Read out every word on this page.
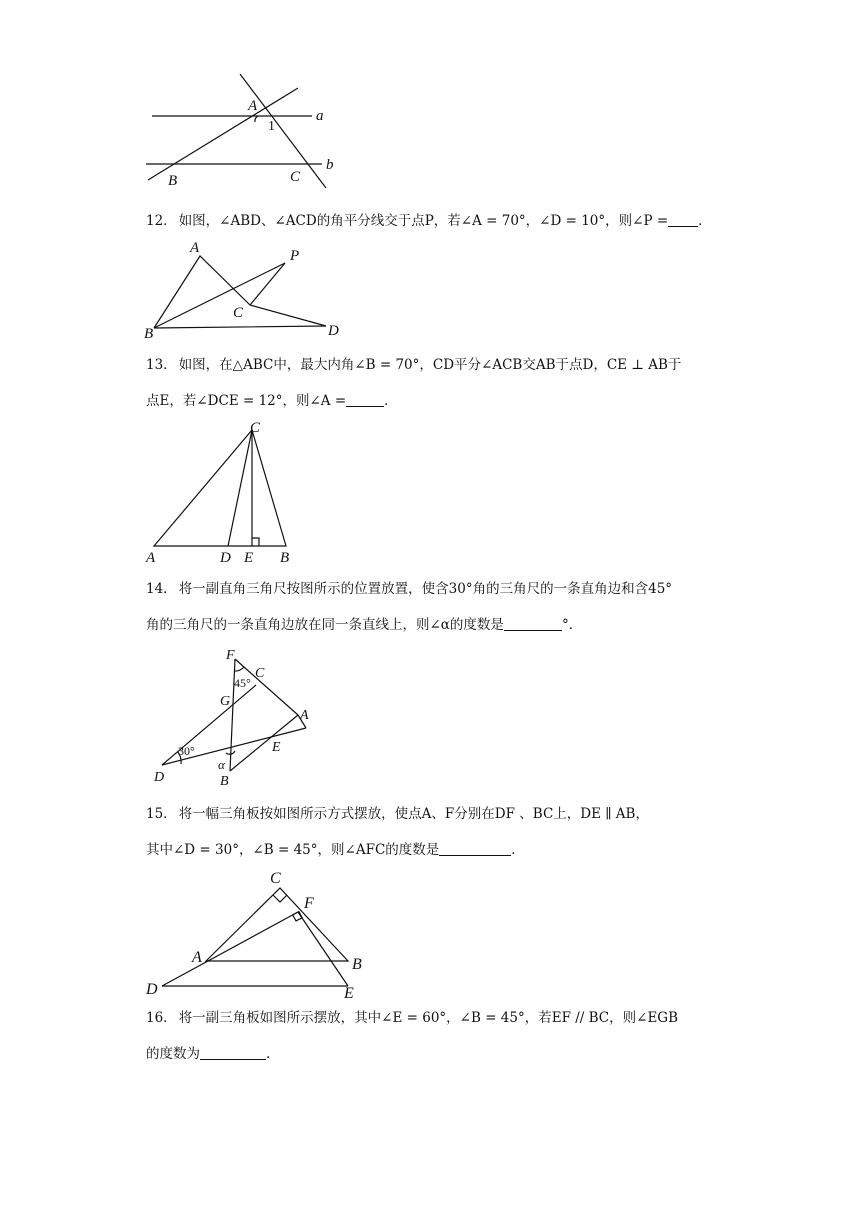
a
b
A
B	C
1
12． 如图，∠ABD、∠ACD的角平分线交于点P，若∠A = 70°，∠D = 10°，则∠P = ．
A	P
B
C
D
13． 如图，在△ABC中，最大内角∠B = 70°，CD平分∠ACB交AB于点D，CE ⊥ AB于
点E，若∠DCE = 12°，则∠A =	．
C
A	D E B
14． 将一副直角三角尺按图所示的位置放置，使含30°角的三角尺的一条直角边和含45°
角的三角尺的一条直角边放在同一条直线上，则∠α的度数是	°．
F
C
45°
G
A
30°	E
D
α
B
15． 将一幅三角板按如图所示方式摆放，使点A、F分别在DF 、BC上，DE ∥ AB，
其中∠D = 30°，∠B = 45°，则∠AFC的度数是	．
C
F
A	B
D	E
16． 将一副三角板如图所示摆放，其中∠E = 60°，∠B = 45°，若EF // BC，则∠EGB
的度数为	．
